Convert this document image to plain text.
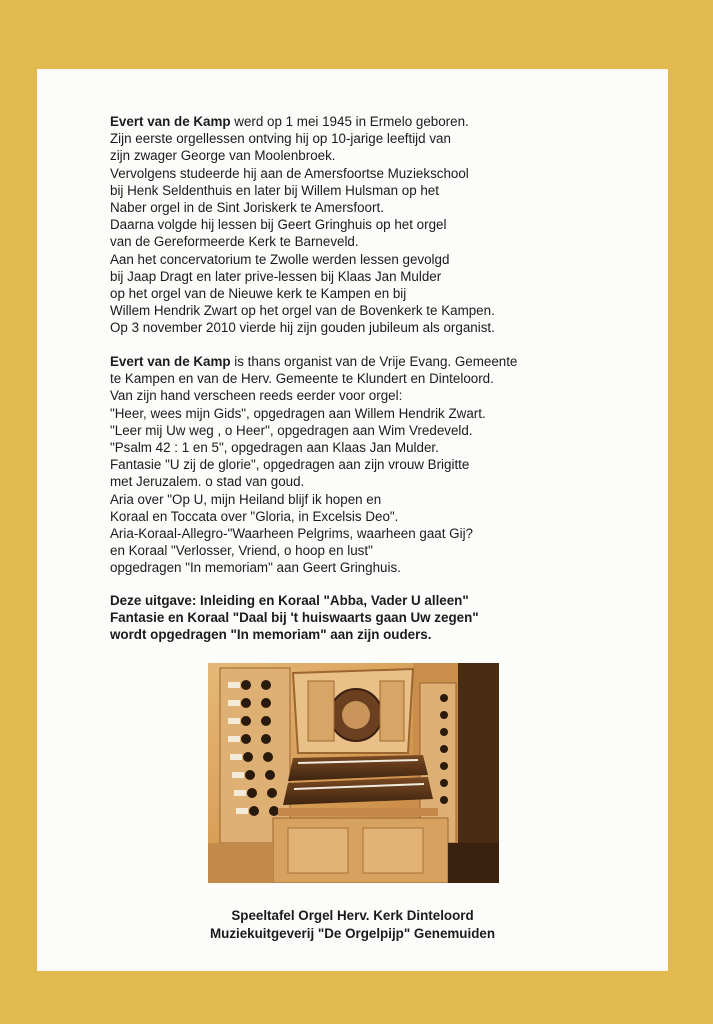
Evert van de Kamp werd op 1 mei 1945 in Ermelo geboren.
Zijn eerste orgellessen ontving hij op 10-jarige leeftijd van
zijn zwager George van Moolenbroek.
Vervolgens studeerde hij aan de Amersfoortse Muziekschool
bij Henk Seldenthuis en later bij Willem Hulsman op het
Naber orgel in de Sint Joriskerk te Amersfoort.
Daarna volgde hij lessen bij Geert Gringhuis op het orgel
van de Gereformeerde Kerk te Barneveld.
Aan het concervatorium te Zwolle werden lessen gevolgd
bij Jaap Dragt en later prive-lessen bij Klaas Jan Mulder
op het orgel van de Nieuwe kerk te Kampen en bij
Willem Hendrik Zwart op het orgel van de Bovenkerk te Kampen.
Op 3 november 2010 vierde hij zijn gouden jubileum als organist.
Evert van de Kamp is thans organist van de Vrije Evang. Gemeente
te Kampen en van de Herv. Gemeente te Klundert en Dinteloord.
Van zijn hand verscheen reeds eerder voor orgel:
"Heer, wees mijn Gids", opgedragen aan Willem Hendrik Zwart.
"Leer mij Uw weg , o Heer", opgedragen aan Wim Vredeveld.
"Psalm 42 : 1 en 5", opgedragen aan Klaas Jan Mulder.
Fantasie "U zij de glorie", opgedragen aan zijn vrouw Brigitte
met Jeruzalem. o stad van goud.
Aria over "Op U, mijn Heiland blijf ik hopen en
Koraal en Toccata over "Gloria, in Excelsis Deo".
Aria-Koraal-Allegro-"Waarheen Pelgrims, waarheen gaat Gij?
en Koraal "Verlosser, Vriend, o hoop en lust"
opgedragen "In memoriam" aan Geert Gringhuis.
Deze uitgave: Inleiding en Koraal "Abba, Vader U alleen"
Fantasie en Koraal "Daal bij 't huiswaarts gaan Uw zegen"
wordt opgedragen "In memoriam" aan zijn ouders.
Speeltafel Orgel Herv. Kerk Dinteloord
Muziekuitgeverij "De Orgelpijp" Genemuiden
